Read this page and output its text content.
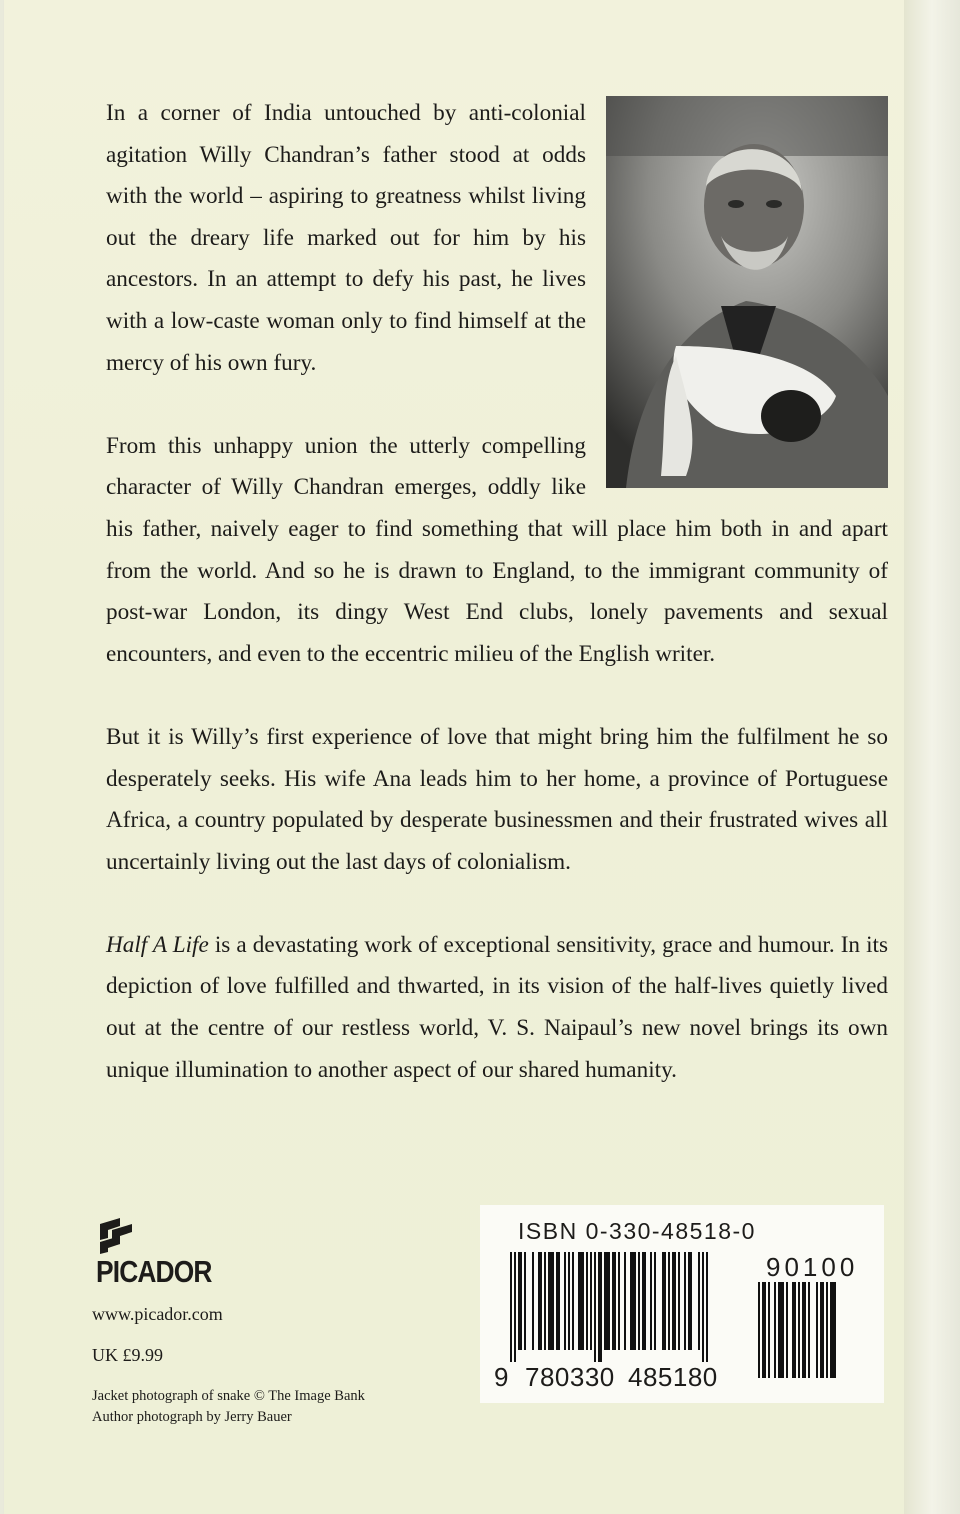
In a corner of India untouched by anti-colonial agitation Willy Chandran’s father stood at odds with the world – aspiring to greatness whilst living out the dreary life marked out for him by his ancestors. In an attempt to defy his past, he lives with a low-caste woman only to find himself at the mercy of his own fury.

From this unhappy union the utterly compelling character of Willy Chandran emerges, oddly like his father, naively eager to find something that will place him both in and apart from the world. And so he is drawn to England, to the immigrant community of post-war London, its dingy West End clubs, lonely pavements and sexual encounters, and even to the eccentric milieu of the English writer.

But it is Willy’s first experience of love that might bring him the fulfilment he so desperately seeks. His wife Ana leads him to her home, a province of Portuguese Africa, a country populated by desperate businessmen and their frustrated wives all uncertainly living out the last days of colonialism.

Half A Life is a devastating work of exceptional sensitivity, grace and humour. In its depiction of love fulfilled and thwarted, in its vision of the half-lives quietly lived out at the centre of our restless world, V. S. Naipaul’s new novel brings its own unique illumination to another aspect of our shared humanity.

PICADOR
www.picador.com
UK £9.99
Jacket photograph of snake © The Image Bank
Author photograph by Jerry Bauer
ISBN 0-330-48518-0
9 780330 485180
90100
